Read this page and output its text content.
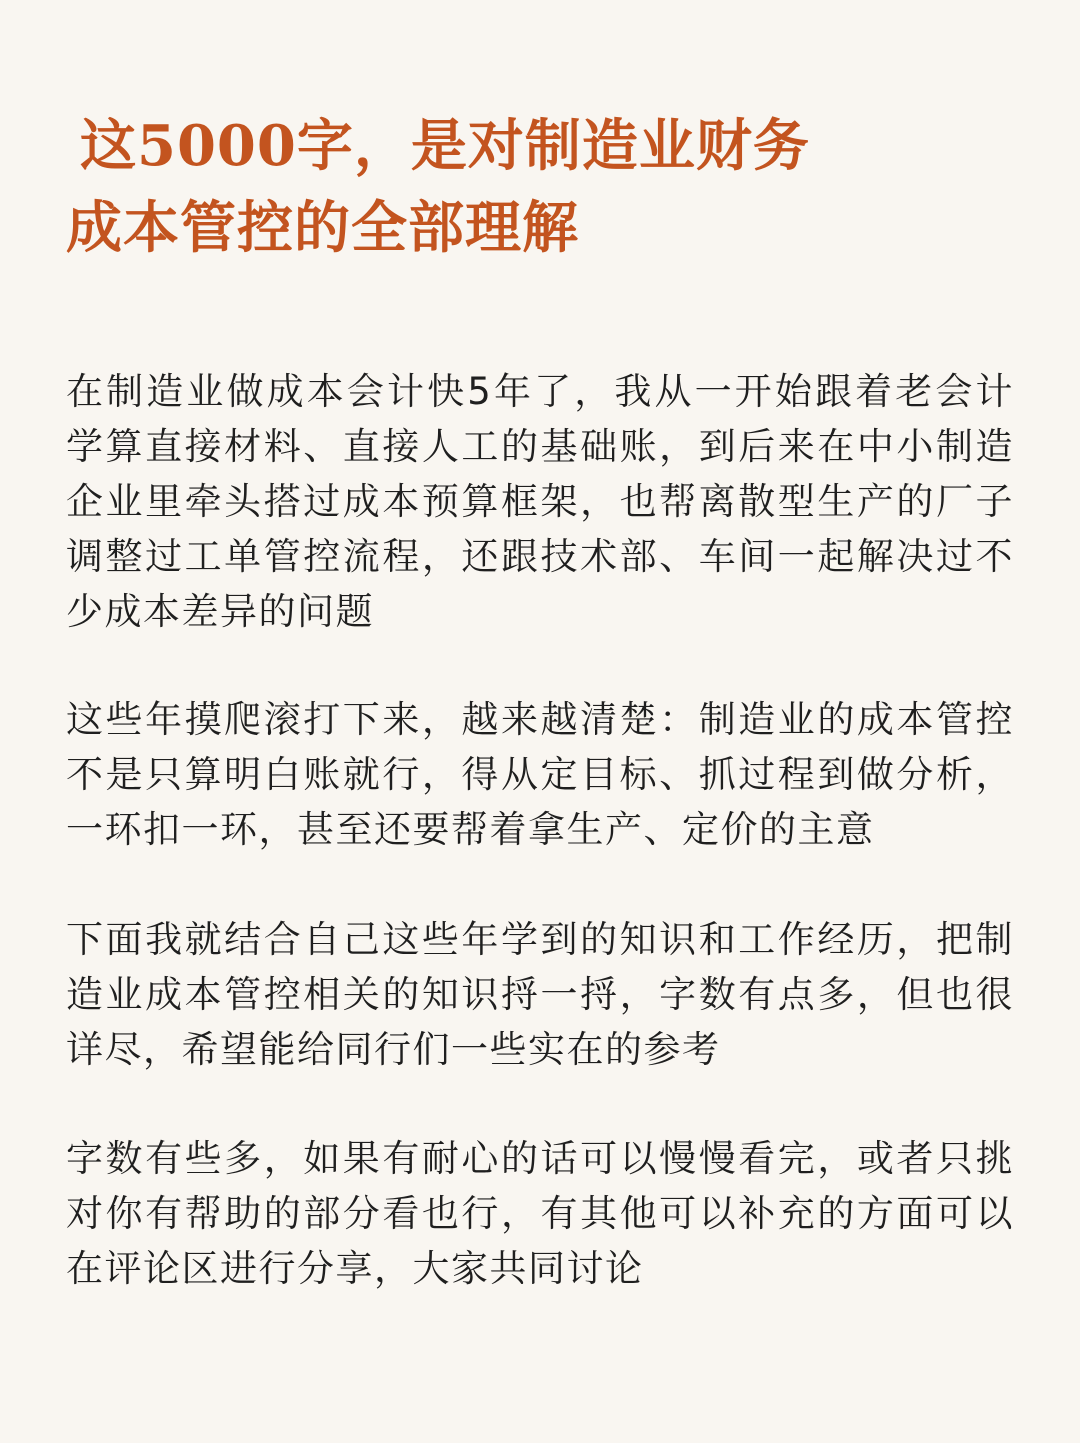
这5000字，是对制造业财务
成本管控的全部理解

在制造业做成本会计快5年了，我从一开始跟着老会计学算直接材料、直接人工的基础账，到后来在中小制造企业里牵头搭过成本预算框架，也帮离散型生产的厂子调整过工单管控流程，还跟技术部、车间一起解决过不少成本差异的问题

这些年摸爬滚打下来，越来越清楚：制造业的成本管控不是只算明白账就行，得从定目标、抓过程到做分析，一环扣一环，甚至还要帮着拿生产、定价的主意

下面我就结合自己这些年学到的知识和工作经历，把制造业成本管控相关的知识捋一捋，字数有点多，但也很详尽，希望能给同行们一些实在的参考

字数有些多，如果有耐心的话可以慢慢看完，或者只挑对你有帮助的部分看也行，有其他可以补充的方面可以在评论区进行分享，大家共同讨论
